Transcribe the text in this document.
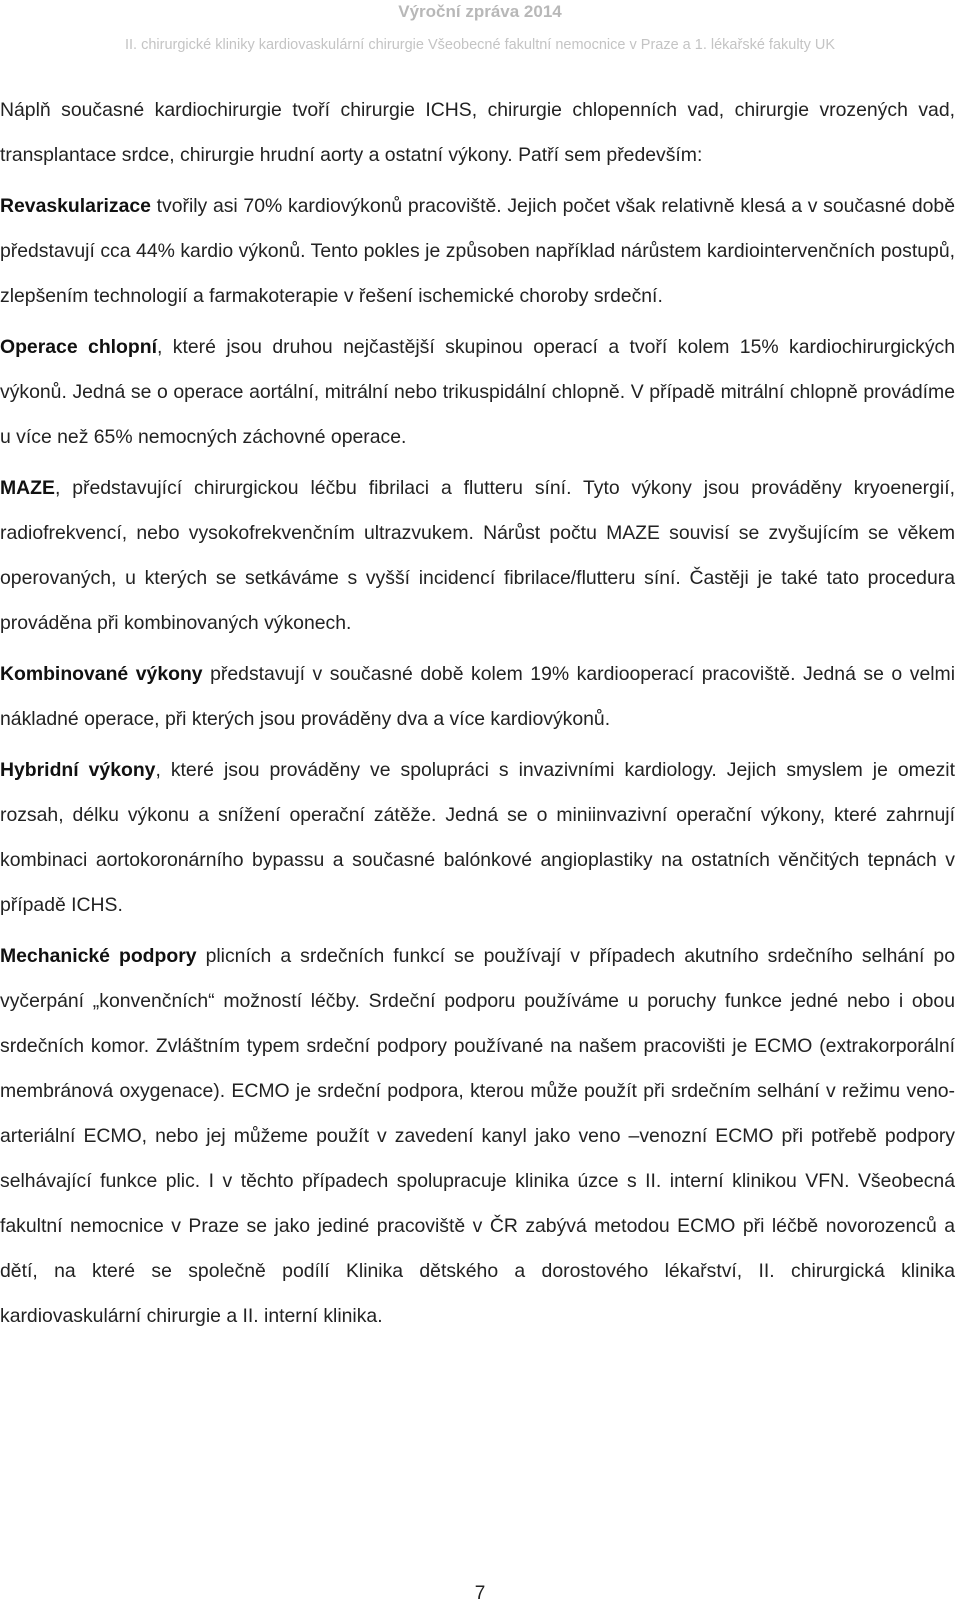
Výroční zpráva 2014
II. chirurgické kliniky kardiovaskulární chirurgie Všeobecné fakultní nemocnice v Praze a 1. lékařské fakulty UK

Náplň současné kardiochirurgie tvoří chirurgie ICHS, chirurgie chlopenních vad, chirurgie vrozených vad, transplantace srdce, chirurgie hrudní aorty a ostatní výkony. Patří sem především:

Revaskularizace tvořily asi 70% kardiovýkonů pracoviště. Jejich počet však relativně klesá a v současné době představují cca 44% kardio výkonů. Tento pokles je způsoben například nárůstem kardiointervenčních postupů, zlepšením technologií a farmakoterapie v řešení ischemické choroby srdeční.

Operace chlopní, které jsou druhou nejčastější skupinou operací a tvoří kolem 15% kardiochirurgických výkonů. Jedná se o operace aortální, mitrální nebo trikuspidální chlopně. V případě mitrální chlopně provádíme u více než 65% nemocných záchovné operace.

MAZE, představující chirurgickou léčbu fibrilaci a flutteru síní. Tyto výkony jsou prováděny kryoenergií, radiofrekvencí, nebo vysokofrekvenčním ultrazvukem. Nárůst počtu MAZE souvisí se zvyšujícím se věkem operovaných, u kterých se setkáváme s vyšší incidencí fibrilace/flutteru síní. Častěji je také tato procedura prováděna při kombinovaných výkonech.

Kombinované výkony představují v současné době kolem 19% kardiooperací pracoviště. Jedná se o velmi nákladné operace, při kterých jsou prováděny dva a více kardiovýkonů.

Hybridní výkony, které jsou prováděny ve spolupráci s invazivními kardiology. Jejich smyslem je omezit rozsah, délku výkonu a snížení operační zátěže. Jedná se o miniinvazivní operační výkony, které zahrnují kombinaci aortokoronárního bypassu a současné balónkové angioplastiky na ostatních věnčitých tepnách v případě ICHS.

Mechanické podpory plicních a srdečních funkcí se používají v případech akutního srdečního selhání po vyčerpání „konvenčních“ možností léčby. Srdeční podporu používáme u poruchy funkce jedné nebo i obou srdečních komor. Zvláštním typem srdeční podpory používané na našem pracovišti je ECMO (extrakorporální membránová oxygenace). ECMO je srdeční podpora, kterou může použít při srdečním selhání v režimu veno-arteriální ECMO, nebo jej můžeme použít v zavedení kanyl jako veno –venozní ECMO při potřebě podpory selhávající funkce plic. I v těchto případech spolupracuje klinika úzce s II. interní klinikou VFN. Všeobecná fakultní nemocnice v Praze se jako jediné pracoviště v ČR zabývá metodou ECMO při léčbě novorozenců a dětí, na které se společně podílí Klinika dětského a dorostového lékařství, II. chirurgická klinika kardiovaskulární chirurgie a II. interní klinika.

7
